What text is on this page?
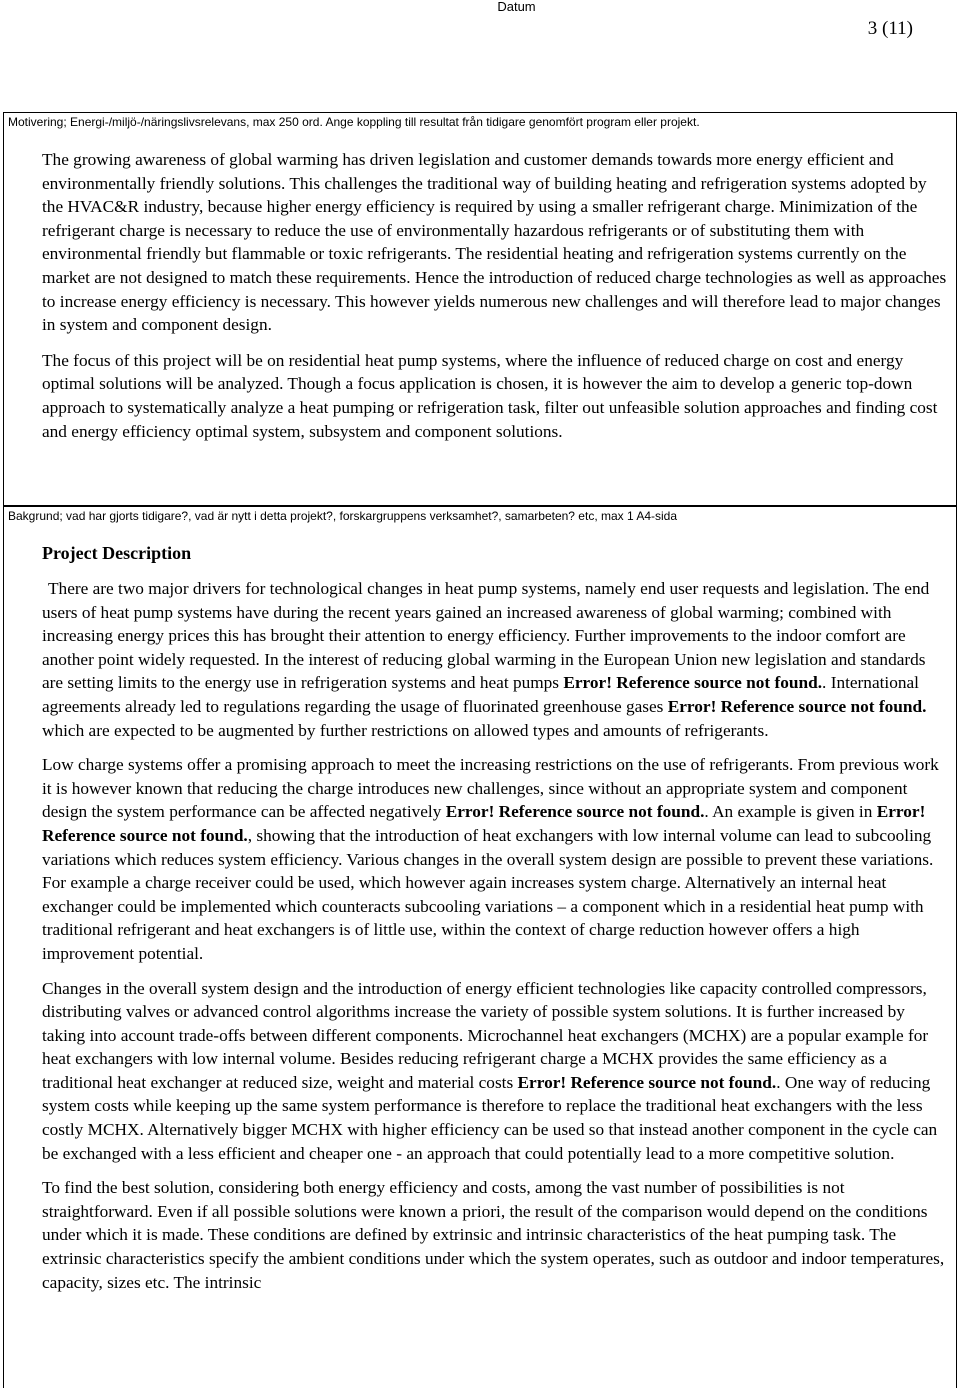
Datum
3 (11)
Motivering; Energi-/miljö-/näringslivsrelevans, max 250 ord. Ange koppling till resultat från tidigare genomfört program eller projekt.

The growing awareness of global warming has driven legislation and customer demands towards more energy efficient and environmentally friendly solutions. This challenges the traditional way of building heating and refrigeration systems adopted by the HVAC&R industry, because higher energy efficiency is required by using a smaller refrigerant charge. Minimization of the refrigerant charge is necessary to reduce the use of environmentally hazardous refrigerants or of substituting them with environmental friendly but flammable or toxic refrigerants. The residential heating and refrigeration systems currently on the market are not designed to match these requirements. Hence the introduction of reduced charge technologies as well as approaches to increase energy efficiency is necessary. This however yields numerous new challenges and will therefore lead to major changes in system and component design.

The focus of this project will be on residential heat pump systems, where the influence of reduced charge on cost and energy optimal solutions will be analyzed. Though a focus application is chosen, it is however the aim to develop a generic top-down approach to systematically analyze a heat pumping or refrigeration task, filter out unfeasible solution approaches and finding cost and energy efficiency optimal system, subsystem and component solutions.

Bakgrund; vad har gjorts tidigare?, vad är nytt i detta projekt?, forskargruppens verksamhet?, samarbeten? etc, max 1 A4-sida
Project Description

There are two major drivers for technological changes in heat pump systems, namely end user requests and legislation. The end users of heat pump systems have during the recent years gained an increased awareness of global warming; combined with increasing energy prices this has brought their attention to energy efficiency. Further improvements to the indoor comfort are another point widely requested. In the interest of reducing global warming in the European Union new legislation and standards are setting limits to the energy use in refrigeration systems and heat pumps Error! Reference source not found.. International agreements already led to regulations regarding the usage of fluorinated greenhouse gases Error! Reference source not found. which are expected to be augmented by further restrictions on allowed types and amounts of refrigerants.

Low charge systems offer a promising approach to meet the increasing restrictions on the use of refrigerants. From previous work it is however known that reducing the charge introduces new challenges, since without an appropriate system and component design the system performance can be affected negatively Error! Reference source not found.. An example is given in Error! Reference source not found., showing that the introduction of heat exchangers with low internal volume can lead to subcooling variations which reduces system efficiency. Various changes in the overall system design are possible to prevent these variations. For example a charge receiver could be used, which however again increases system charge. Alternatively an internal heat exchanger could be implemented which counteracts subcooling variations – a component which in a residential heat pump with traditional refrigerant and heat exchangers is of little use, within the context of charge reduction however offers a high improvement potential.

Changes in the overall system design and the introduction of energy efficient technologies like capacity controlled compressors, distributing valves or advanced control algorithms increase the variety of possible system solutions. It is further increased by taking into account trade-offs between different components. Microchannel heat exchangers (MCHX) are a popular example for heat exchangers with low internal volume. Besides reducing refrigerant charge a MCHX provides the same efficiency as a traditional heat exchanger at reduced size, weight and material costs Error! Reference source not found.. One way of reducing system costs while keeping up the same system performance is therefore to replace the traditional heat exchangers with the less costly MCHX. Alternatively bigger MCHX with higher efficiency can be used so that instead another component in the cycle can be exchanged with a less efficient and cheaper one - an approach that could potentially lead to a more competitive solution.

To find the best solution, considering both energy efficiency and costs, among the vast number of possibilities is not straightforward. Even if all possible solutions were known a priori, the result of the comparison would depend on the conditions under which it is made. These conditions are defined by extrinsic and intrinsic characteristics of the heat pumping task. The extrinsic characteristics specify the ambient conditions under which the system operates, such as outdoor and indoor temperatures, capacity, sizes etc. The intrinsic
